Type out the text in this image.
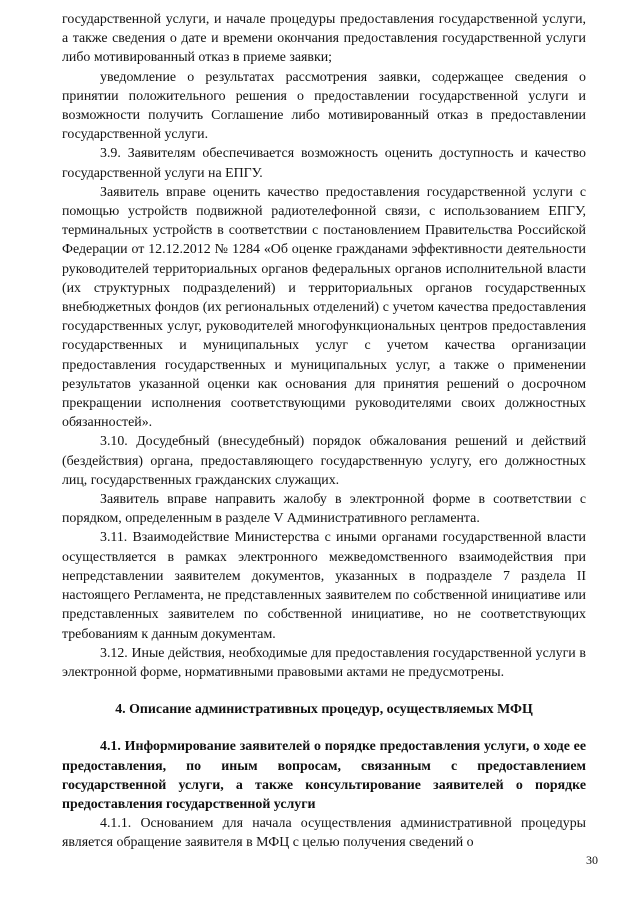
государственной услуги, и начале процедуры предоставления государственной услуги, а также сведения о дате и времени окончания предоставления государственной услуги либо мотивированный отказ в приеме заявки;

уведомление о результатах рассмотрения заявки, содержащее сведения о принятии положительного решения о предоставлении государственной услуги и возможности получить Соглашение либо мотивированный отказ в предоставлении государственной услуги.

3.9. Заявителям обеспечивается возможность оценить доступность и качество государственной услуги на ЕПГУ.

Заявитель вправе оценить качество предоставления государственной услуги с помощью устройств подвижной радиотелефонной связи, с использованием ЕПГУ, терминальных устройств в соответствии с постановлением Правительства Российской Федерации от 12.12.2012 № 1284 «Об оценке гражданами эффективности деятельности руководителей территориальных органов федеральных органов исполнительной власти (их структурных подразделений) и территориальных органов государственных внебюджетных фондов (их региональных отделений) с учетом качества предоставления государственных услуг, руководителей многофункциональных центров предоставления государственных и муниципальных услуг с учетом качества организации предоставления государственных и муниципальных услуг, а также о применении результатов указанной оценки как основания для принятия решений о досрочном прекращении исполнения соответствующими руководителями своих должностных обязанностей».

3.10. Досудебный (внесудебный) порядок обжалования решений и действий (бездействия) органа, предоставляющего государственную услугу, его должностных лиц, государственных гражданских служащих.

Заявитель вправе направить жалобу в электронной форме в соответствии с порядком, определенным в разделе V Административного регламента.

3.11. Взаимодействие Министерства с иными органами государственной власти осуществляется в рамках электронного межведомственного взаимодействия при непредставлении заявителем документов, указанных в подразделе 7 раздела II настоящего Регламента, не представленных заявителем по собственной инициативе или представленных заявителем по собственной инициативе, но не соответствующих требованиям к данным документам.

3.12. Иные действия, необходимые для предоставления государственной услуги в электронной форме, нормативными правовыми актами не предусмотрены.

4. Описание административных процедур, осуществляемых МФЦ

4.1. Информирование заявителей о порядке предоставления услуги, о ходе ее предоставления, по иным вопросам, связанным с предоставлением государственной услуги, а также консультирование заявителей о порядке предоставления государственной услуги

4.1.1. Основанием для начала осуществления административной процедуры является обращение заявителя в МФЦ с целью получения сведений о

30
